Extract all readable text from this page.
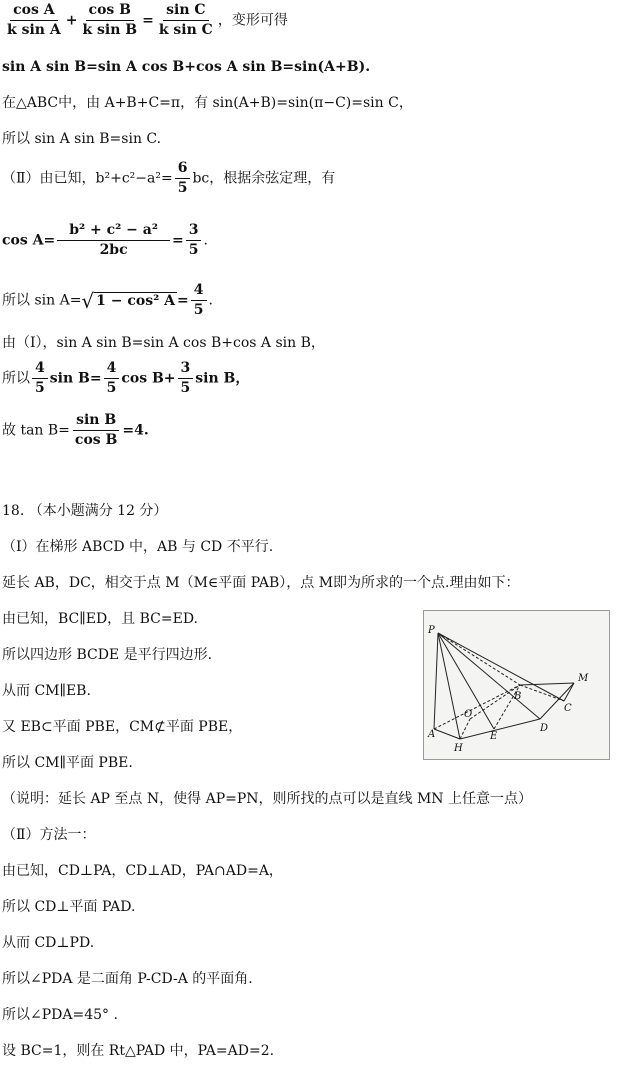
$\frac{\text{cos A}}{\text{k sin A}} + \frac{\text{cos B}}{\text{k sin B}} = \frac{\text{sin C}}{\text{k sin C}}$ ，变形可得
sin A sin B=sin A cos B+cos A sin B=sin(A+B).
在△ABC中，由 A+B+C=π，有 sin(A+B)=sin(π−C)=sin C，
所以 sin A sin B=sin C.
（Ⅱ）由已知，$b^2+c^2-a^2= \frac{6}{5}$ bc，根据余弦定理，有
$\cos A= \frac{\text{b² + c² − a²}}{2bc} = \frac{3}{5}$ .
所以 sin A=√ 1 − cos² $A = \frac{4}{5}$ .
由（Ⅰ），sin A sin B=sin A cos B+cos A sin B，
所以 $\frac{4}{5}$ $\sin B= \frac{4}{5}$ $\cos B+ \frac{3}{5}$ sin B，
故 $\tan B= \frac{\text{sin B}}{\text{cos B}} =4$.
18. （本小题满分 12 分）
（Ⅰ）在梯形 ABCD 中，AB 与 CD 不平行.
延长 AB，DC，相交于点 M（M∈平面 PAB），点 M即为所求的一个点.理由如下：
由已知，BC∥ED，且 BC=ED.
所以四边形 BCDE 是平行四边形.
从而 CM∥EB.
又 EB⊂平面 PBE，CM⊄平面 PBE，
所以 CM∥平面 PBE.
（说明：延长 AP 至点 N，使得 AP=PN，则所找的点可以是直线 MN 上任意一点）
（Ⅱ）方法一：
由已知，CD⊥PA，CD⊥AD，PA∩AD=A，
所以 CD⊥平面 PAD.
从而 CD⊥PD.
所以∠PDA 是二面角 P-CD-A 的平面角.
所以∠PDA=45° .
设 BC=1，则在 Rt△PAD 中，PA=AD=2.
P
M
C
B
D
E
A
H
O
